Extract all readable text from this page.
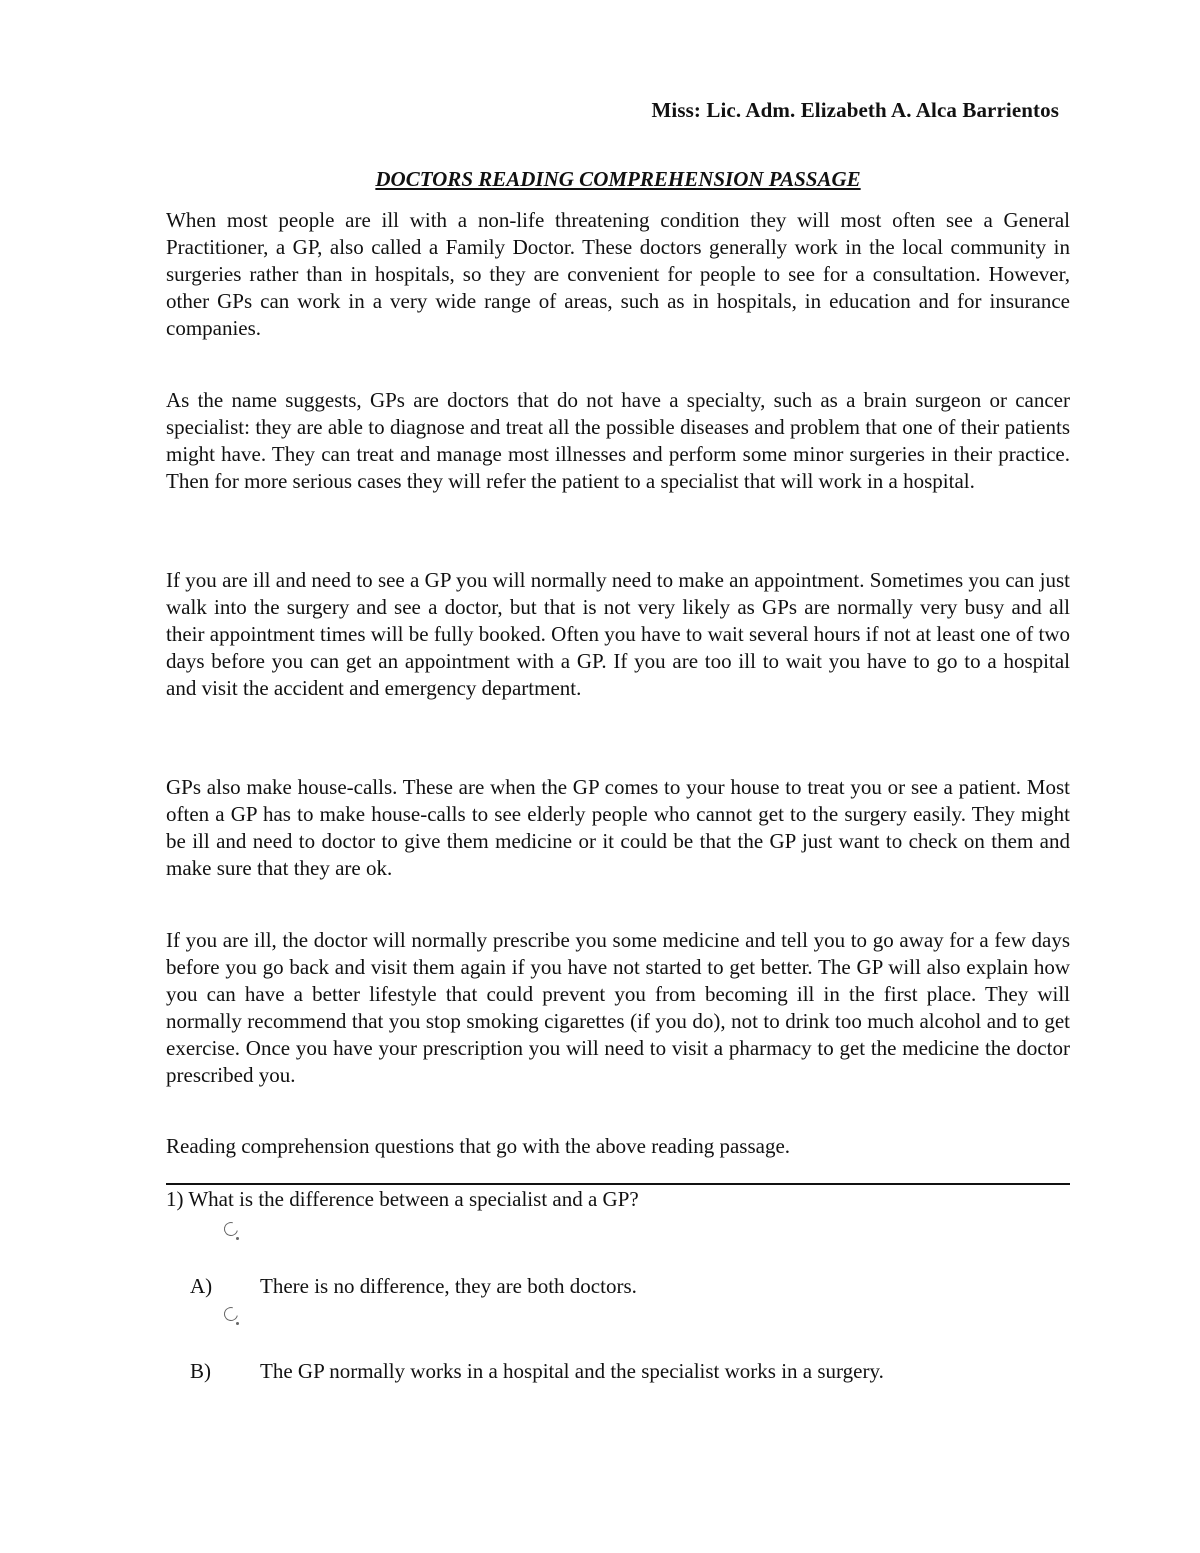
Miss: Lic. Adm. Elizabeth A. Alca Barrientos
DOCTORS READING COMPREHENSION PASSAGE
When most people are ill with a non-life threatening condition they will most often see a General Practitioner, a GP, also called a Family Doctor. These doctors generally work in the local community in surgeries rather than in hospitals, so they are convenient for people to see for a consultation. However, other GPs can work in a very wide range of areas, such as in hospitals, in education and for insurance companies.
As the name suggests, GPs are doctors that do not have a specialty, such as a brain surgeon or cancer specialist: they are able to diagnose and treat all the possible diseases and problem that one of their patients might have. They can treat and manage most illnesses and perform some minor surgeries in their practice. Then for more serious cases they will refer the patient to a specialist that will work in a hospital.
If you are ill and need to see a GP you will normally need to make an appointment. Sometimes you can just walk into the surgery and see a doctor, but that is not very likely as GPs are normally very busy and all their appointment times will be fully booked. Often you have to wait several hours if not at least one of two days before you can get an appointment with a GP. If you are too ill to wait you have to go to a hospital and visit the accident and emergency department.
GPs also make house-calls. These are when the GP comes to your house to treat you or see a patient. Most often a GP has to make house-calls to see elderly people who cannot get to the surgery easily. They might be ill and need to doctor to give them medicine or it could be that the GP just want to check on them and make sure that they are ok.
If you are ill, the doctor will normally prescribe you some medicine and tell you to go away for a few days before you go back and visit them again if you have not started to get better. The GP will also explain how you can have a better lifestyle that could prevent you from becoming ill in the first place. They will normally recommend that you stop smoking cigarettes (if you do), not to drink too much alcohol and to get exercise. Once you have your prescription you will need to visit a pharmacy to get the medicine the doctor prescribed you.
Reading comprehension questions that go with the above reading passage.
1) What is the difference between a specialist and a GP?
A) There is no difference, they are both doctors.
B) The GP normally works in a hospital and the specialist works in a surgery.
